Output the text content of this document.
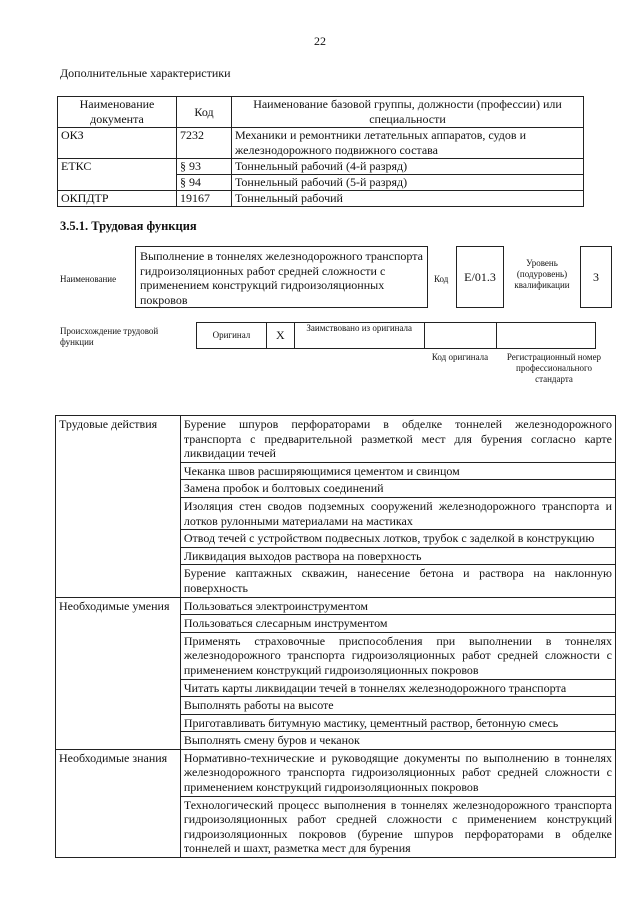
22
Дополнительные характеристики
Наименование документа	Код	Наименование базовой группы, должности (профессии) или специальности
ОКЗ	7232	Механики и ремонтники летательных аппаратов, судов и железнодорожного подвижного состава
ЕТКС	§ 93	Тоннельный рабочий (4-й разряд)
	§ 94	Тоннельный рабочий (5-й разряд)
ОКПДТР	19167	Тоннельный рабочий
3.5.1. Трудовая функция
Наименование
Выполнение в тоннелях железнодорожного транспорта гидроизоляционных работ средней сложности с применением конструкций гидроизоляционных покровов
Код	E/01.3
Уровень (подуровень) квалификации
3
Происхождение трудовой функции
Оригинал	X	Заимствовано из оригинала		
Код оригинала	Регистрационный номер профессионального стандарта
Трудовые действия	Бурение шпуров перфораторами в обделке тоннелей железнодорожного транспорта с предварительной разметкой мест для бурения согласно карте ликвидации течей
	Чеканка швов расширяющимися цементом и свинцом
	Замена пробок и болтовых соединений
	Изоляция стен сводов подземных сооружений железнодорожного транспорта и лотков рулонными материалами на мастиках
	Отвод течей с устройством подвесных лотков, трубок с заделкой в конструкцию
	Ликвидация выходов раствора на поверхность
	Бурение каптажных скважин, нанесение бетона и раствора на наклонную поверхность
Необходимые умения	Пользоваться электроинструментом
	Пользоваться слесарным инструментом
	Применять страховочные приспособления при выполнении в тоннелях железнодорожного транспорта гидроизоляционных работ средней сложности с применением конструкций гидроизоляционных покровов
	Читать карты ликвидации течей в тоннелях железнодорожного транспорта
	Выполнять работы на высоте
	Приготавливать битумную мастику, цементный раствор, бетонную смесь
	Выполнять смену буров и чеканок
Необходимые знания	Нормативно-технические и руководящие документы по выполнению в тоннелях железнодорожного транспорта гидроизоляционных работ средней сложности с применением конструкций гидроизоляционных покровов
	Технологический процесс выполнения в тоннелях железнодорожного транспорта гидроизоляционных работ средней сложности с применением конструкций гидроизоляционных покровов (бурение шпуров перфораторами в обделке тоннелей и шахт, разметка мест для бурения
